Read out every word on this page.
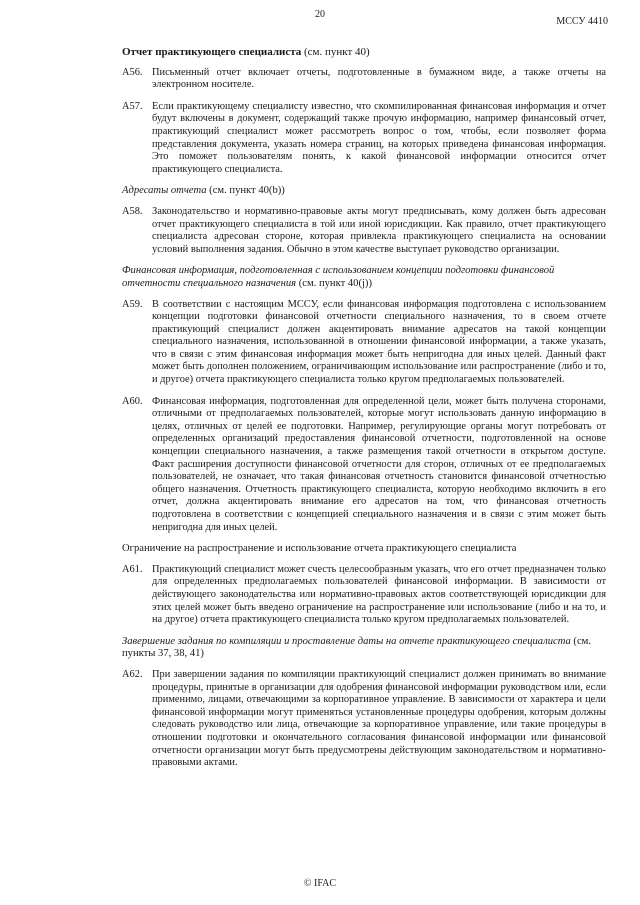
20
МССУ 4410
Отчет практикующего специалиста (см. пункт 40)
A56. Письменный отчет включает отчеты, подготовленные в бумажном виде, а также отчеты на электронном носителе.
A57. Если практикующему специалисту известно, что скомпилированная финансовая информация и отчет будут включены в документ, содержащий также прочую информацию, например финансовый отчет, практикующий специалист может рассмотреть вопрос о том, чтобы, если позволяет форма представления документа, указать номера страниц, на которых приведена финансовая информация. Это поможет пользователям понять, к какой финансовой информации относится отчет практикующего специалиста.
Адресаты отчета (см. пункт 40(b))
A58. Законодательство и нормативно-правовые акты могут предписывать, кому должен быть адресован отчет практикующего специалиста в той или иной юрисдикции. Как правило, отчет практикующего специалиста адресован стороне, которая привлекла практикующего специалиста на основании условий выполнения задания. Обычно в этом качестве выступает руководство организации.
Финансовая информация, подготовленная с использованием концепции подготовки финансовой отчетности специального назначения (см. пункт 40(j))
A59. В соответствии с настоящим МССУ, если финансовая информация подготовлена с использованием концепции подготовки финансовой отчетности специального назначения, то в своем отчете практикующий специалист должен акцентировать внимание адресатов на такой концепции специального назначения, использованной в отношении финансовой информации, а также указать, что в связи с этим финансовая информация может быть непригодна для иных целей. Данный факт может быть дополнен положением, ограничивающим использование или распространение (либо и то, и другое) отчета практикующего специалиста только кругом предполагаемых пользователей.
A60. Финансовая информация, подготовленная для определенной цели, может быть получена сторонами, отличными от предполагаемых пользователей, которые могут использовать данную информацию в целях, отличных от целей ее подготовки. Например, регулирующие органы могут потребовать от определенных организаций предоставления финансовой отчетности, подготовленной на основе концепции специального назначения, а также размещения такой отчетности в открытом доступе. Факт расширения доступности финансовой отчетности для сторон, отличных от ее предполагаемых пользователей, не означает, что такая финансовая отчетность становится финансовой отчетностью общего назначения. Отчетность практикующего специалиста, которую необходимо включить в его отчет, должна акцентировать внимание его адресатов на том, что финансовая отчетность подготовлена в соответствии с концепцией специального назначения и в связи с этим может быть непригодна для иных целей.
Ограничение на распространение и использование отчета практикующего специалиста
A61. Практикующий специалист может счесть целесообразным указать, что его отчет предназначен только для определенных предполагаемых пользователей финансовой информации. В зависимости от действующего законодательства или нормативно-правовых актов соответствующей юрисдикции для этих целей может быть введено ограничение на распространение или использование (либо и на то, и на другое) отчета практикующего специалиста только кругом предполагаемых пользователей.
Завершение задания по компиляции и проставление даты на отчете практикующего специалиста (см. пункты 37, 38, 41)
A62. При завершении задания по компиляции практикующий специалист должен принимать во внимание процедуры, принятые в организации для одобрения финансовой информации руководством или, если применимо, лицами, отвечающими за корпоративное управление. В зависимости от характера и цели финансовой информации могут применяться установленные процедуры одобрения, которым должны следовать руководство или лица, отвечающие за корпоративное управление, или такие процедуры в отношении подготовки и окончательного согласования финансовой информации или финансовой отчетности организации могут быть предусмотрены действующим законодательством и нормативно-правовыми актами.
© IFAC
